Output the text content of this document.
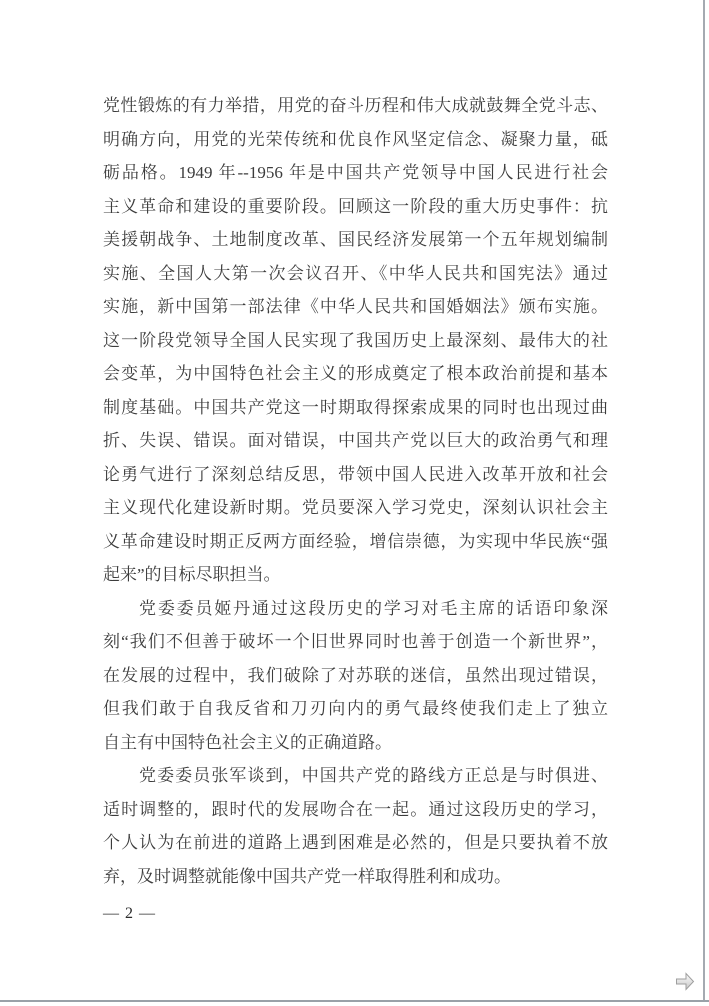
党性锻炼的有力举措，用党的奋斗历程和伟大成就鼓舞全党斗志、
明确方向，用党的光荣传统和优良作风坚定信念、凝聚力量，砥
砺品格。1949 年--1956 年是中国共产党领导中国人民进行社会
主义革命和建设的重要阶段。回顾这一阶段的重大历史事件：抗
美援朝战争、土地制度改革、国民经济发展第一个五年规划编制
实施、全国人大第一次会议召开、《中华人民共和国宪法》通过
实施，新中国第一部法律《中华人民共和国婚姻法》颁布实施。
这一阶段党领导全国人民实现了我国历史上最深刻、最伟大的社
会变革，为中国特色社会主义的形成奠定了根本政治前提和基本
制度基础。中国共产党这一时期取得探索成果的同时也出现过曲
折、失误、错误。面对错误，中国共产党以巨大的政治勇气和理
论勇气进行了深刻总结反思，带领中国人民进入改革开放和社会
主义现代化建设新时期。党员要深入学习党史，深刻认识社会主
义革命建设时期正反两方面经验，增信崇德，为实现中华民族“强
起来”的目标尽职担当。
党委委员姬丹通过这段历史的学习对毛主席的话语印象深
刻“我们不但善于破坏一个旧世界同时也善于创造一个新世界”，
在发展的过程中，我们破除了对苏联的迷信，虽然出现过错误，
但我们敢于自我反省和刀刃向内的勇气最终使我们走上了独立
自主有中国特色社会主义的正确道路。
党委委员张军谈到，中国共产党的路线方正总是与时俱进、
适时调整的，跟时代的发展吻合在一起。通过这段历史的学习，
个人认为在前进的道路上遇到困难是必然的，但是只要执着不放
弃，及时调整就能像中国共产党一样取得胜利和成功。
— 2 —
